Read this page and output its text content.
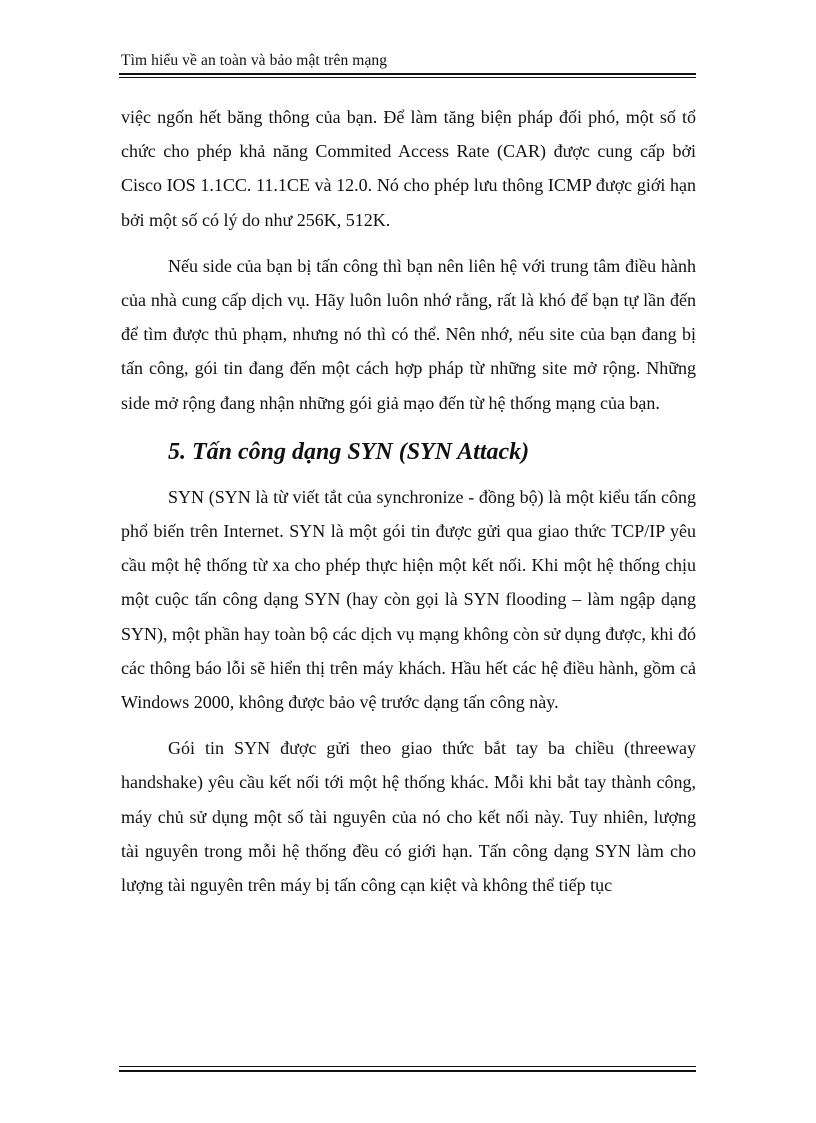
Tìm hiểu về an toàn và bảo mật trên mạng

việc ngốn hết băng thông của bạn. Để làm tăng biện pháp đối phó, một số tổ chức cho phép khả năng Commited Access Rate (CAR) được cung cấp bởi Cisco IOS 1.1CC. 11.1CE và 12.0. Nó cho phép lưu thông ICMP được giới hạn bởi một số có lý do như 256K, 512K.

Nếu side của bạn bị tấn công thì bạn nên liên hệ với trung tâm điều hành của nhà cung cấp dịch vụ. Hãy luôn luôn nhớ rằng, rất là khó để bạn tự lần đến để tìm được thủ phạm, nhưng nó thì có thể. Nên nhớ, nếu site của bạn đang bị tấn công, gói tin đang đến một cách hợp pháp từ những site mở rộng. Những side mở rộng đang nhận những gói giả mạo đến từ hệ thống mạng của bạn.

5. Tấn công dạng SYN (SYN Attack)

SYN (SYN là từ viết tắt của synchronize - đồng bộ) là một kiểu tấn công phổ biến trên Internet. SYN là một gói tin được gửi qua giao thức TCP/IP yêu cầu một hệ thống từ xa cho phép thực hiện một kết nối. Khi một hệ thống chịu một cuộc tấn công dạng SYN (hay còn gọi là SYN flooding – làm ngập dạng SYN), một phần hay toàn bộ các dịch vụ mạng không còn sử dụng được, khi đó các thông báo lỗi sẽ hiển thị trên máy khách. Hầu hết các hệ điều hành, gồm cả Windows 2000, không được bảo vệ trước dạng tấn công này.

Gói tin SYN được gửi theo giao thức bắt tay ba chiều (threeway handshake) yêu cầu kết nối tới một hệ thống khác. Mỗi khi bắt tay thành công, máy chủ sử dụng một số tài nguyên của nó cho kết nối này. Tuy nhiên, lượng tài nguyên trong mỗi hệ thống đều có giới hạn. Tấn công dạng SYN làm cho lượng tài nguyên trên máy bị tấn công cạn kiệt và không thể tiếp tục
